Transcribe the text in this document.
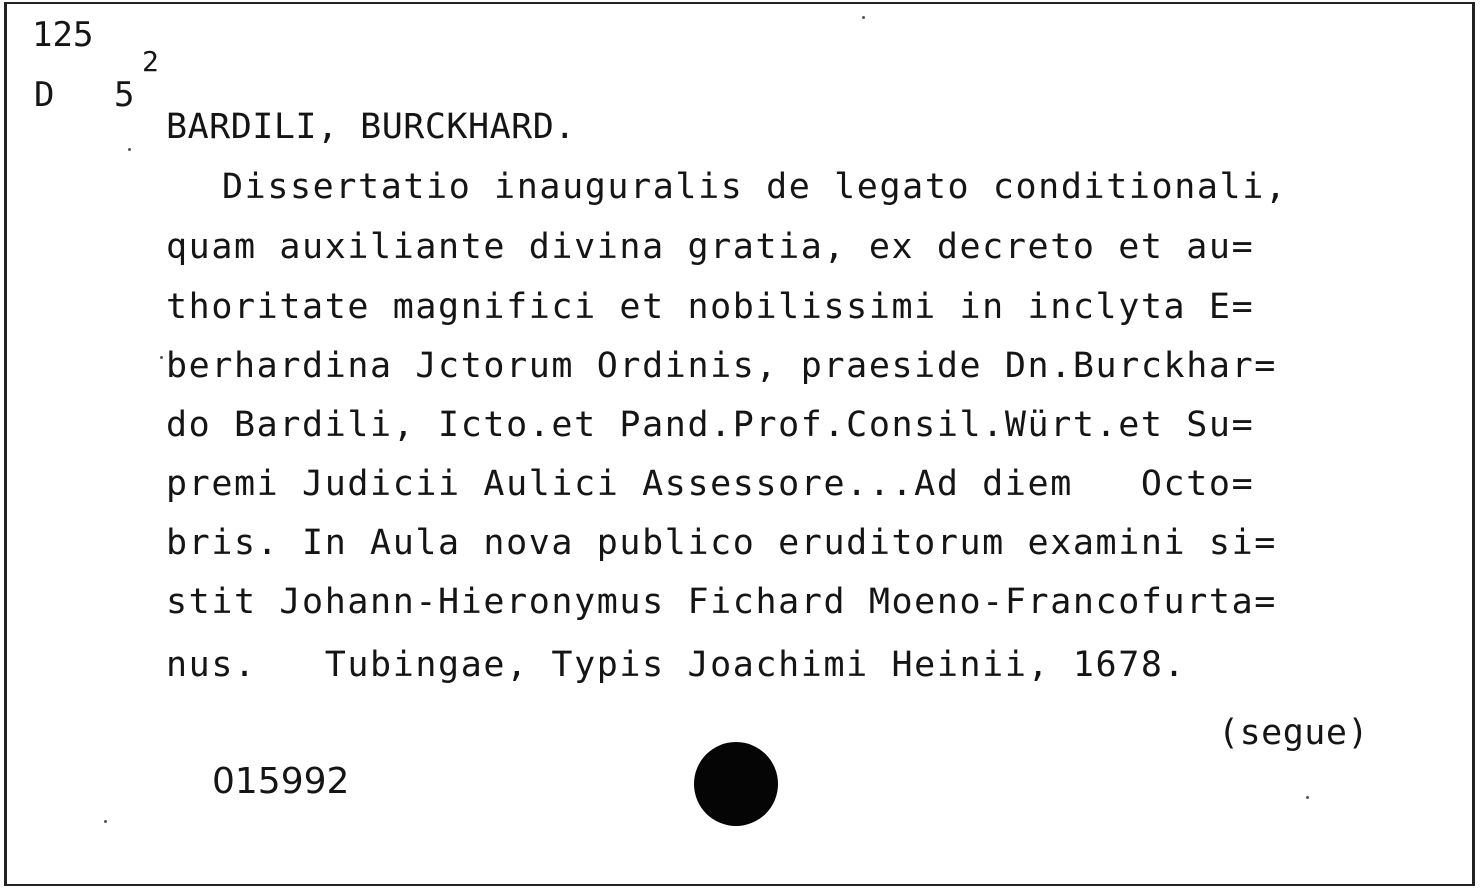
125
D 5
2
BARDILI, BURCKHARD.
Dissertatio inauguralis de legato conditionali,
quam auxiliante divina gratia, ex decreto et au=
thoritate magnifici et nobilissimi in inclyta E=
berhardina Jctorum Ordinis, praeside Dn.Burckhar=
do Bardili, Icto.et Pand.Prof.Consil.Würt.et Su=
premi Judicii Aulici Assessore...Ad diem   Octo=
bris. In Aula nova publico eruditorum examini si=
stit Johann-Hieronymus Fichard Moeno-Francofurta=
nus.   Tubingae, Typis Joachimi Heinii, 1678.
(segue)
015992
